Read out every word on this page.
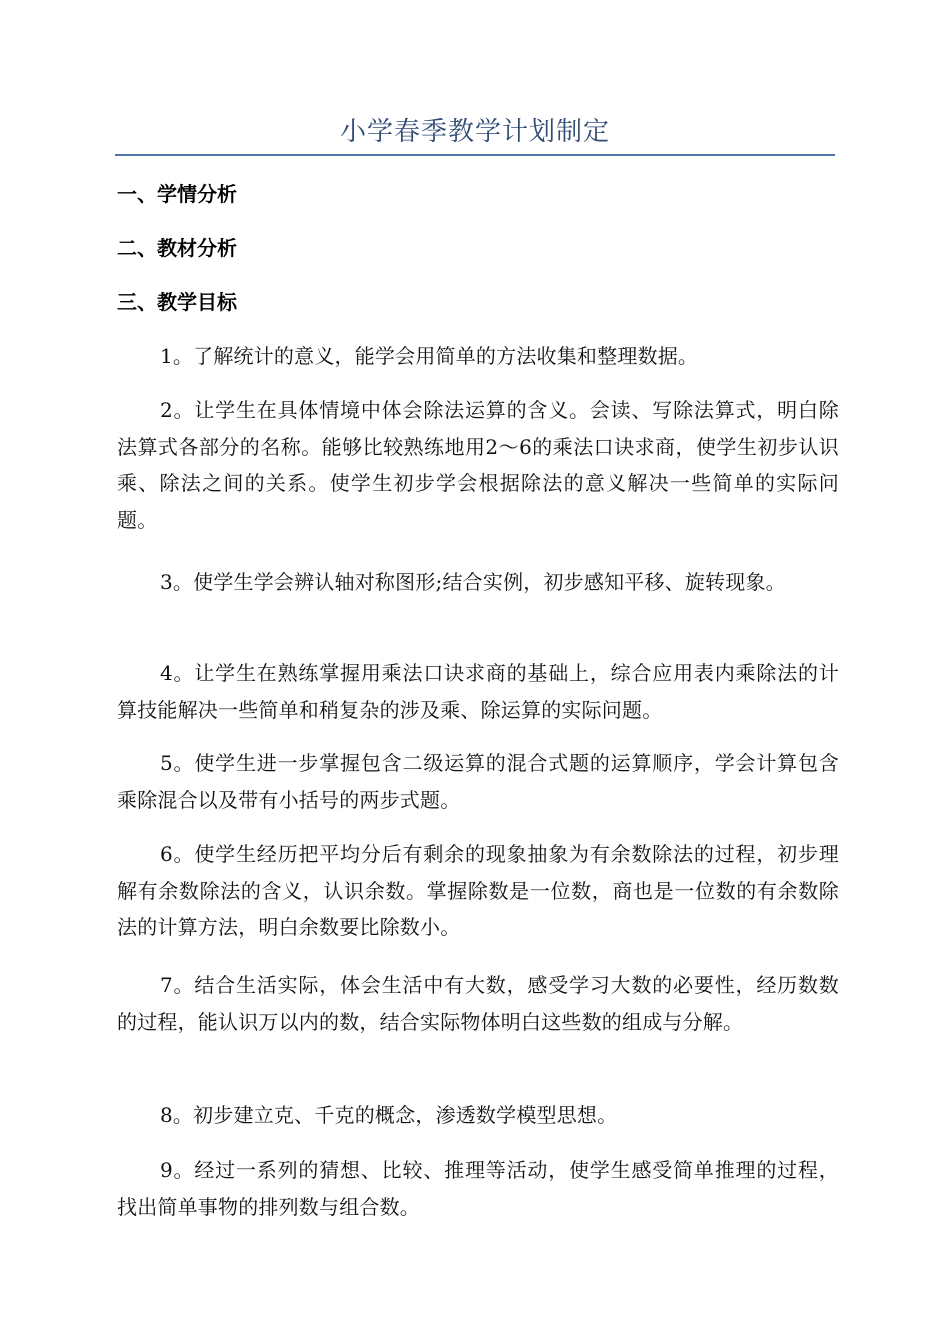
小学春季教学计划制定
一、学情分析
二、教材分析
三、教学目标
1。了解统计的意义，能学会用简单的方法收集和整理数据。
2。让学生在具体情境中体会除法运算的含义。会读、写除法算式，明白除法算式各部分的名称。能够比较熟练地用2～6的乘法口诀求商，使学生初步认识乘、除法之间的关系。使学生初步学会根据除法的意义解决一些简单的实际问题。
3。使学生学会辨认轴对称图形;结合实例，初步感知平移、旋转现象。
4。让学生在熟练掌握用乘法口诀求商的基础上，综合应用表内乘除法的计算技能解决一些简单和稍复杂的涉及乘、除运算的实际问题。
5。使学生进一步掌握包含二级运算的混合式题的运算顺序，学会计算包含乘除混合以及带有小括号的两步式题。
6。使学生经历把平均分后有剩余的现象抽象为有余数除法的过程，初步理解有余数除法的含义，认识余数。掌握除数是一位数，商也是一位数的有余数除法的计算方法，明白余数要比除数小。
7。结合生活实际，体会生活中有大数，感受学习大数的必要性，经历数数的过程，能认识万以内的数，结合实际物体明白这些数的组成与分解。
8。初步建立克、千克的概念，渗透数学模型思想。
9。经过一系列的猜想、比较、推理等活动，使学生感受简单推理的过程，找出简单事物的排列数与组合数。
